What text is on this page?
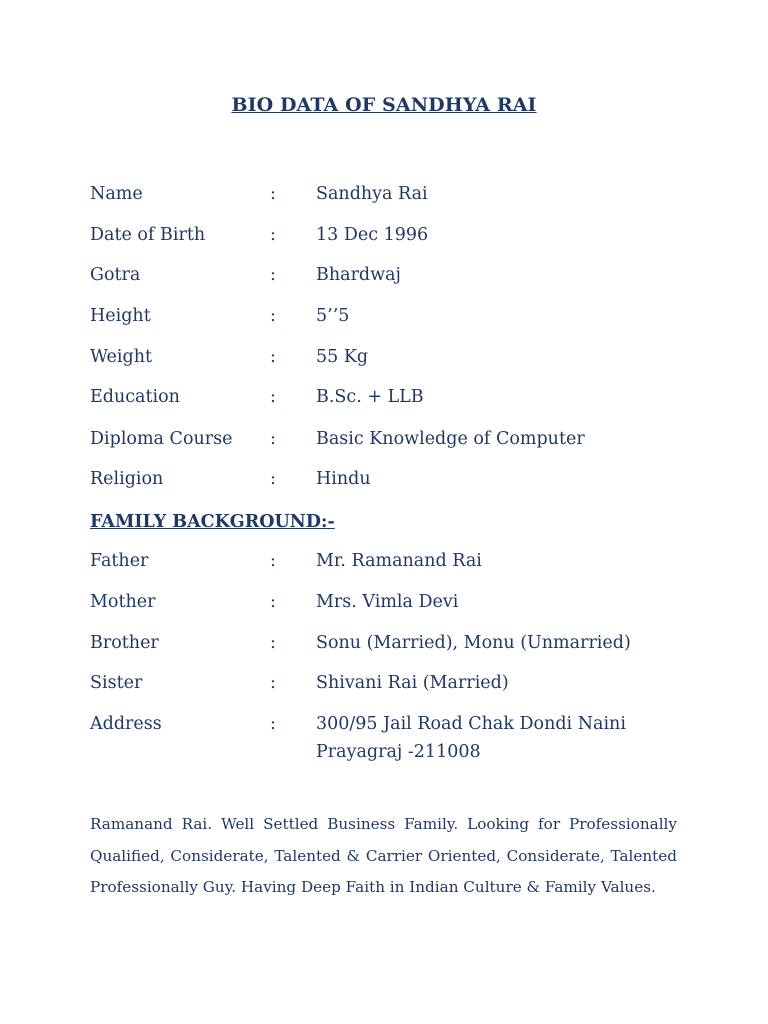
BIO DATA OF SANDHYA RAI
Name	: Sandhya Rai
Date of Birth	: 13 Dec 1996
Gotra	: Bhardwaj
Height	: 5’’5
Weight	: 55 Kg
Education	: B.Sc. + LLB
Diploma Course : Basic Knowledge of Computer
Religion	: Hindu
FAMILY BACKGROUND:-
Father	: Mr. Ramanand Rai
Mother	: Mrs. Vimla Devi
Brother	: Sonu (Married), Monu (Unmarried)
Sister	: Shivani Rai (Married)
Address	: 300/95 Jail Road Chak Dondi Naini Prayagraj -211008

Ramanand Rai. Well Settled Business Family. Looking for Professionally Qualified, Considerate, Talented & Carrier Oriented, Considerate, Talented Professionally Guy. Having Deep Faith in Indian Culture & Family Values.
